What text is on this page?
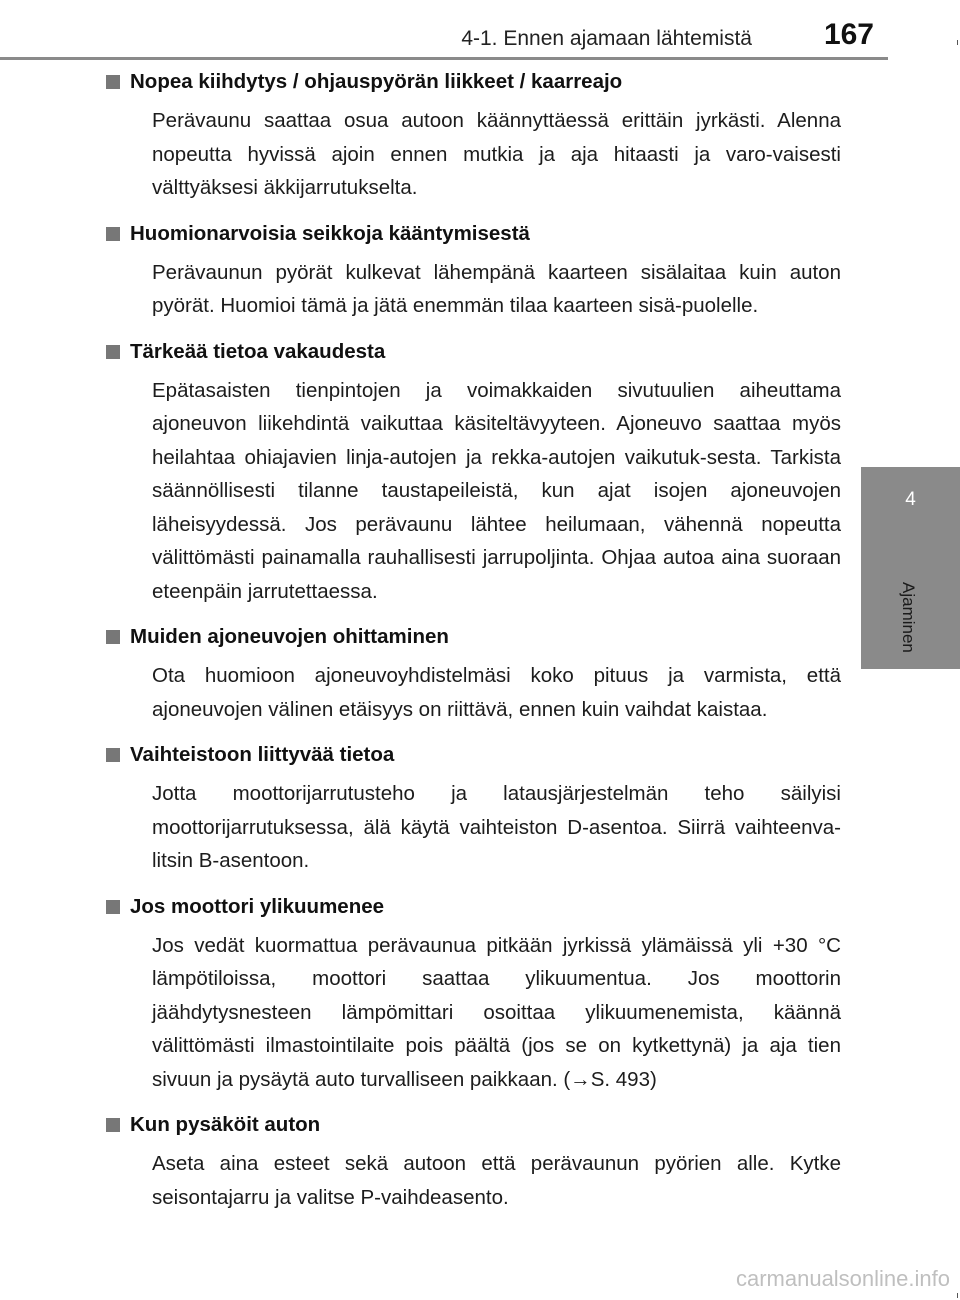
4-1. Ennen ajamaan lähtemistä 167
4
Ajaminen
Nopea kiihdytys / ohjauspyörän liikkeet / kaarreajo
Perävaunu saattaa osua autoon käännyttäessä erittäin jyrkästi. Alenna nopeutta hyvissä ajoin ennen mutkia ja aja hitaasti ja varo-vaisesti välttyäksesi äkkijarrutukselta.
Huomionarvoisia seikkoja kääntymisestä
Perävaunun pyörät kulkevat lähempänä kaarteen sisälaitaa kuin auton pyörät. Huomioi tämä ja jätä enemmän tilaa kaarteen sisä-puolelle.
Tärkeää tietoa vakaudesta
Epätasaisten tienpintojen ja voimakkaiden sivutuulien aiheuttama ajoneuvon liikehdintä vaikuttaa käsiteltävyyteen. Ajoneuvo saattaa myös heilahtaa ohiajavien linja-autojen ja rekka-autojen vaikutuk-sesta. Tarkista säännöllisesti tilanne taustapeileistä, kun ajat isojen ajoneuvojen läheisyydessä. Jos perävaunu lähtee heilumaan, vähennä nopeutta välittömästi painamalla rauhallisesti jarrupoljinta. Ohjaa autoa aina suoraan eteenpäin jarrutettaessa.
Muiden ajoneuvojen ohittaminen
Ota huomioon ajoneuvoyhdistelmäsi koko pituus ja varmista, että ajoneuvojen välinen etäisyys on riittävä, ennen kuin vaihdat kaistaa.
Vaihteistoon liittyvää tietoa
Jotta moottorijarrutusteho ja latausjärjestelmän teho säilyisi moottorijarrutuksessa, älä käytä vaihteiston D-asentoa. Siirrä vaihteenva-litsin B-asentoon.
Jos moottori ylikuumenee
Jos vedät kuormattua perävaunua pitkään jyrkissä ylämäissä yli +30 °C lämpötiloissa, moottori saattaa ylikuumentua. Jos moottorin jäähdytysnesteen lämpömittari osoittaa ylikuumenemista, käännä välittömästi ilmastointilaite pois päältä (jos se on kytkettynä) ja aja tien sivuun ja pysäytä auto turvalliseen paikkaan. (→S. 493)
Kun pysäköit auton
Aseta aina esteet sekä autoon että perävaunun pyörien alle. Kytke seisontajarru ja valitse P-vaihdeasento.
carmanualsonline.info
